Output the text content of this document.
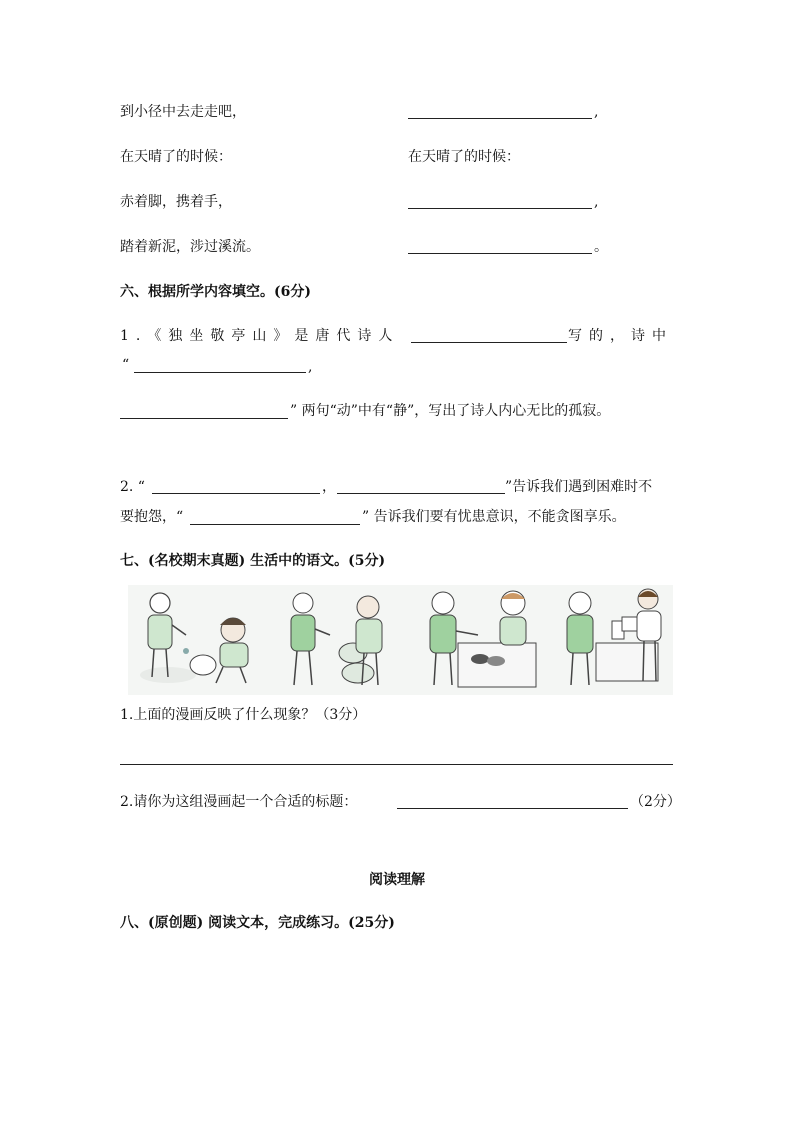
到小径中去走走吧，	,
在天晴了的时候：	在天晴了的时候：
赤着脚，携着手，	,
踏着新泥，涉过溪流。	。
六、根据所学内容填空。(6分)
1.《独坐敬亭山》是唐代诗人	写的，诗中
“	,
” 两句“动”中有“静”，写出了诗人内心无比的孤寂。
2. “	，	”告诉我们遇到困难时不
要抱怨，“	” 告诉我们要有忧患意识，不能贪图享乐。
七、(名校期末真题) 生活中的语文。(5分)
1.上面的漫画反映了什么现象？（3分）
2.请你为这组漫画起一个合适的标题：	（2分）
阅读理解
八、(原创题) 阅读文本，完成练习。(25分)
